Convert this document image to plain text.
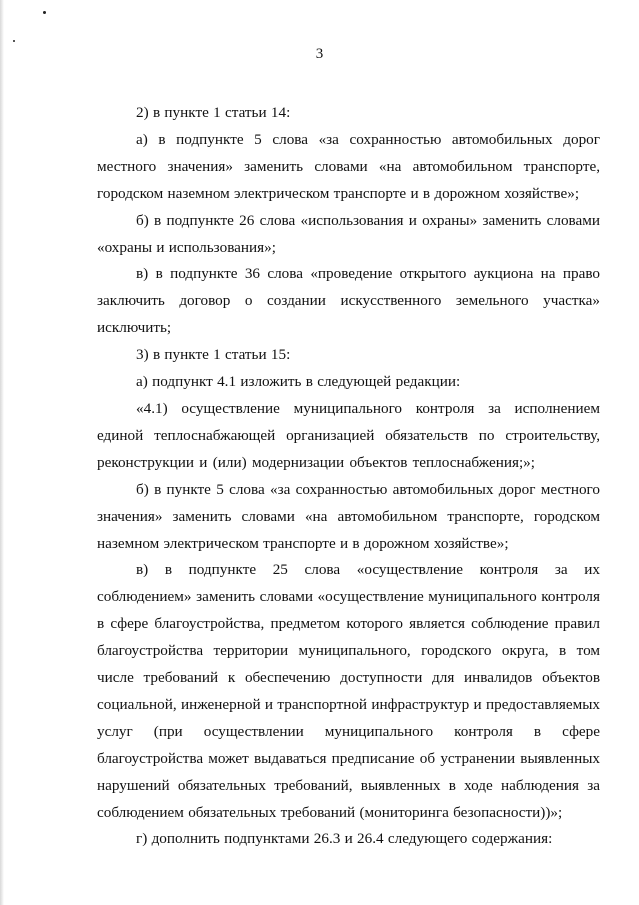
3

2) в пункте 1 статьи 14:

а) в подпункте 5 слова «за сохранностью автомобильных дорог местного значения» заменить словами «на автомобильном транспорте, городском наземном электрическом транспорте и в дорожном хозяйстве»;

б) в подпункте 26 слова «использования и охраны» заменить словами «охраны и использования»;

в) в подпункте 36 слова «проведение открытого аукциона на право заключить договор о создании искусственного земельного участка» исключить;

3) в пункте 1 статьи 15:

а) подпункт 4.1 изложить в следующей редакции:

«4.1) осуществление муниципального контроля за исполнением единой теплоснабжающей организацией обязательств по строительству, реконструкции и (или) модернизации объектов теплоснабжения;»;

б) в пункте 5 слова «за сохранностью автомобильных дорог местного значения» заменить словами «на автомобильном транспорте, городском наземном электрическом транспорте и в дорожном хозяйстве»;

в) в подпункте 25 слова «осуществление контроля за их соблюдением» заменить словами «осуществление муниципального контроля в сфере благоустройства, предметом которого является соблюдение правил благоустройства территории муниципального, городского округа, в том числе требований к обеспечению доступности для инвалидов объектов социальной, инженерной и транспортной инфраструктур и предоставляемых услуг (при осуществлении муниципального контроля в сфере благоустройства может выдаваться предписание об устранении выявленных нарушений обязательных требований, выявленных в ходе наблюдения за соблюдением обязательных требований (мониторинга безопасности))»;

г) дополнить подпунктами 26.3 и 26.4 следующего содержания:
